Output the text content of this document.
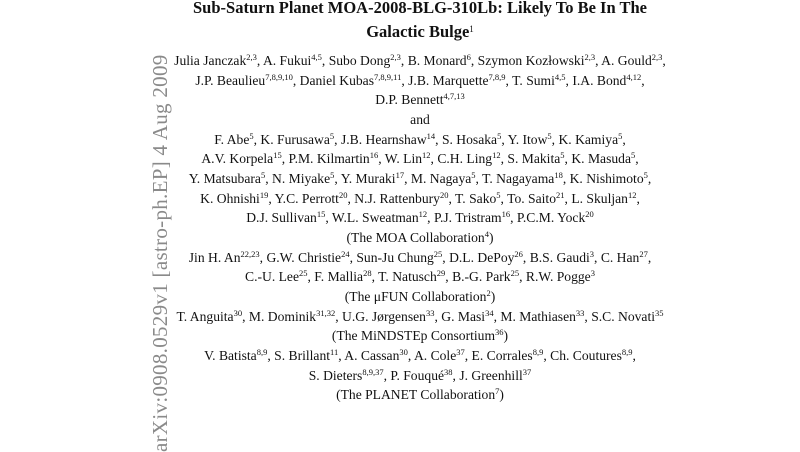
arXiv:0908.0529v1 [astro-ph.EP] 4 Aug 2009
Sub-Saturn Planet MOA-2008-BLG-310Lb: Likely To Be In The
Galactic Bulge$^1$
Julia Janczak$^{2,3}$, A. Fukui$^{4,5}$, Subo Dong$^{2,3}$, B. Monard$^6$, Szymon Kozłowski$^{2,3}$, A. Gould$^{2,3}$,
J.P. Beaulieu$^{7,8,9,10}$, Daniel Kubas$^{7,8,9,11}$, J.B. Marquette$^{7,8,9}$, T. Sumi$^{4,5}$, I.A. Bond$^{4,12}$,
D.P. Bennett$^{4,7,13}$
and
F. Abe$^5$, K. Furusawa$^5$, J.B. Hearnshaw$^{14}$, S. Hosaka$^5$, Y. Itow$^5$, K. Kamiya$^5$,
A.V. Korpela$^{15}$, P.M. Kilmartin$^{16}$, W. Lin$^{12}$, C.H. Ling$^{12}$, S. Makita$^5$, K. Masuda$^5$,
Y. Matsubara$^5$, N. Miyake$^5$, Y. Muraki$^{17}$, M. Nagaya$^5$, T. Nagayama$^{18}$, K. Nishimoto$^5$,
K. Ohnishi$^{19}$, Y.C. Perrott$^{20}$, N.J. Rattenbury$^{20}$, T. Sako$^5$, To. Saito$^{21}$, L. Skuljan$^{12}$,
D.J. Sullivan$^{15}$, W.L. Sweatman$^{12}$, P.J. Tristram$^{16}$, P.C.M. Yock$^{20}$
(The MOA Collaboration$^4$)
Jin H. An$^{22,23}$, G.W. Christie$^{24}$, Sun-Ju Chung$^{25}$, D.L. DePoy$^{26}$, B.S. Gaudi$^3$, C. Han$^{27}$,
C.-U. Lee$^{25}$, F. Mallia$^{28}$, T. Natusch$^{29}$, B.-G. Park$^{25}$, R.W. Pogge$^3$
(The μFUN Collaboration$^2$)
T. Anguita$^{30}$, M. Dominik$^{31,32}$, U.G. Jørgensen$^{33}$, G. Masi$^{34}$, M. Mathiasen$^{33}$, S.C. Novati$^{35}$
(The MiNDSTEp Consortium$^{36}$)
V. Batista$^{8,9}$, S. Brillant$^{11}$, A. Cassan$^{30}$, A. Cole$^{37}$, E. Corrales$^{8,9}$, Ch. Coutures$^{8,9}$,
S. Dieters$^{8,9,37}$, P. Fouqué$^{38}$, J. Greenhill$^{37}$
(The PLANET Collaboration$^7$)
